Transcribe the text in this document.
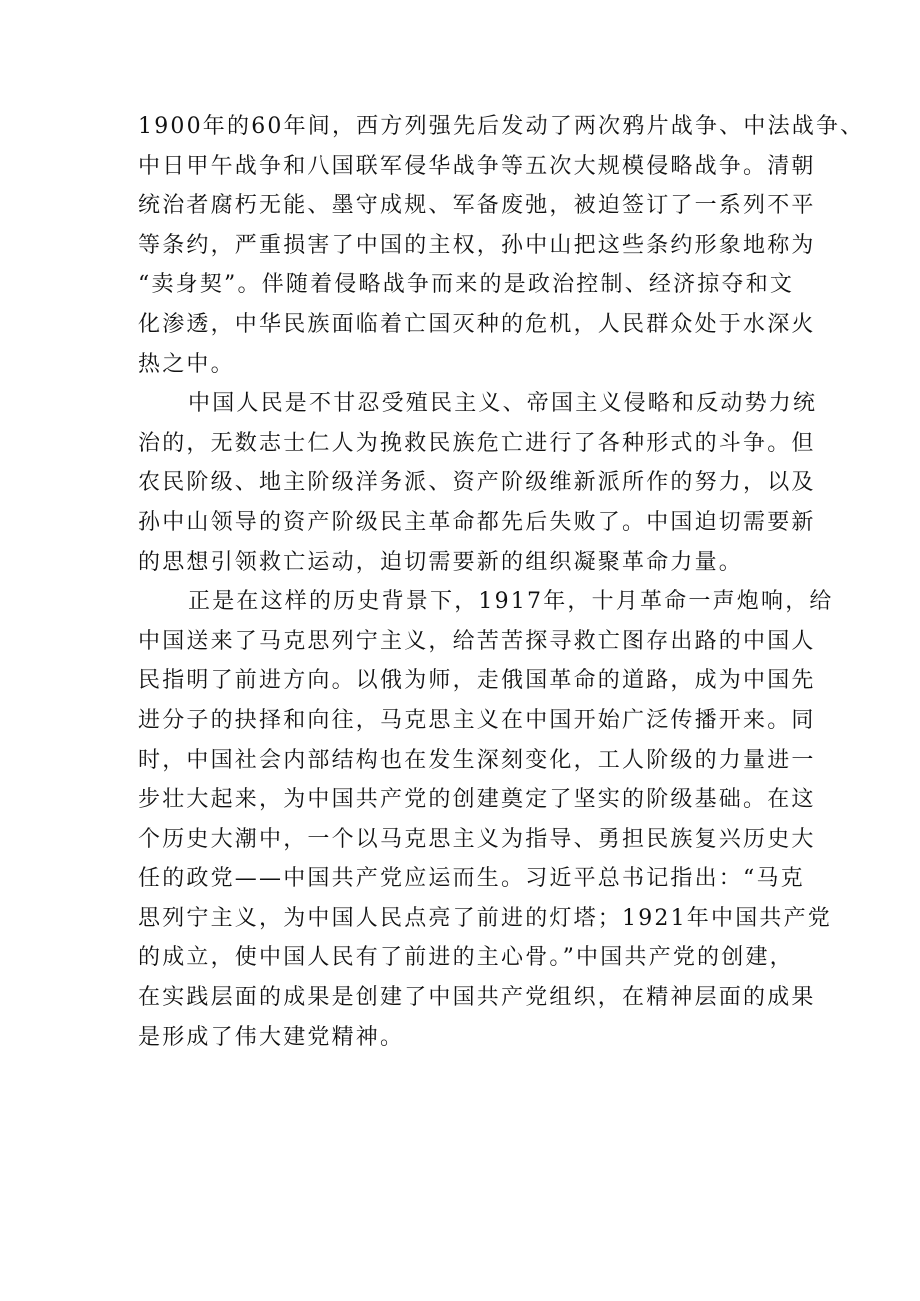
1900年的60年间，西方列强先后发动了两次鸦片战争、中法战争、
中日甲午战争和八国联军侵华战争等五次大规模侵略战争。清朝
统治者腐朽无能、墨守成规、军备废弛，被迫签订了一系列不平
等条约，严重损害了中国的主权，孙中山把这些条约形象地称为
“卖身契”。伴随着侵略战争而来的是政治控制、经济掠夺和文
化渗透，中华民族面临着亡国灭种的危机，人民群众处于水深火
热之中。
中国人民是不甘忍受殖民主义、帝国主义侵略和反动势力统
治的，无数志士仁人为挽救民族危亡进行了各种形式的斗争。但
农民阶级、地主阶级洋务派、资产阶级维新派所作的努力，以及
孙中山领导的资产阶级民主革命都先后失败了。中国迫切需要新
的思想引领救亡运动，迫切需要新的组织凝聚革命力量。
正是在这样的历史背景下，1917年，十月革命一声炮响，给
中国送来了马克思列宁主义，给苦苦探寻救亡图存出路的中国人
民指明了前进方向。以俄为师，走俄国革命的道路，成为中国先
进分子的抉择和向往，马克思主义在中国开始广泛传播开来。同
时，中国社会内部结构也在发生深刻变化，工人阶级的力量进一
步壮大起来，为中国共产党的创建奠定了坚实的阶级基础。在这
个历史大潮中，一个以马克思主义为指导、勇担民族复兴历史大
任的政党——中国共产党应运而生。习近平总书记指出：“马克
思列宁主义，为中国人民点亮了前进的灯塔；1921年中国共产党
的成立，使中国人民有了前进的主心骨。”中国共产党的创建，
在实践层面的成果是创建了中国共产党组织，在精神层面的成果
是形成了伟大建党精神。
